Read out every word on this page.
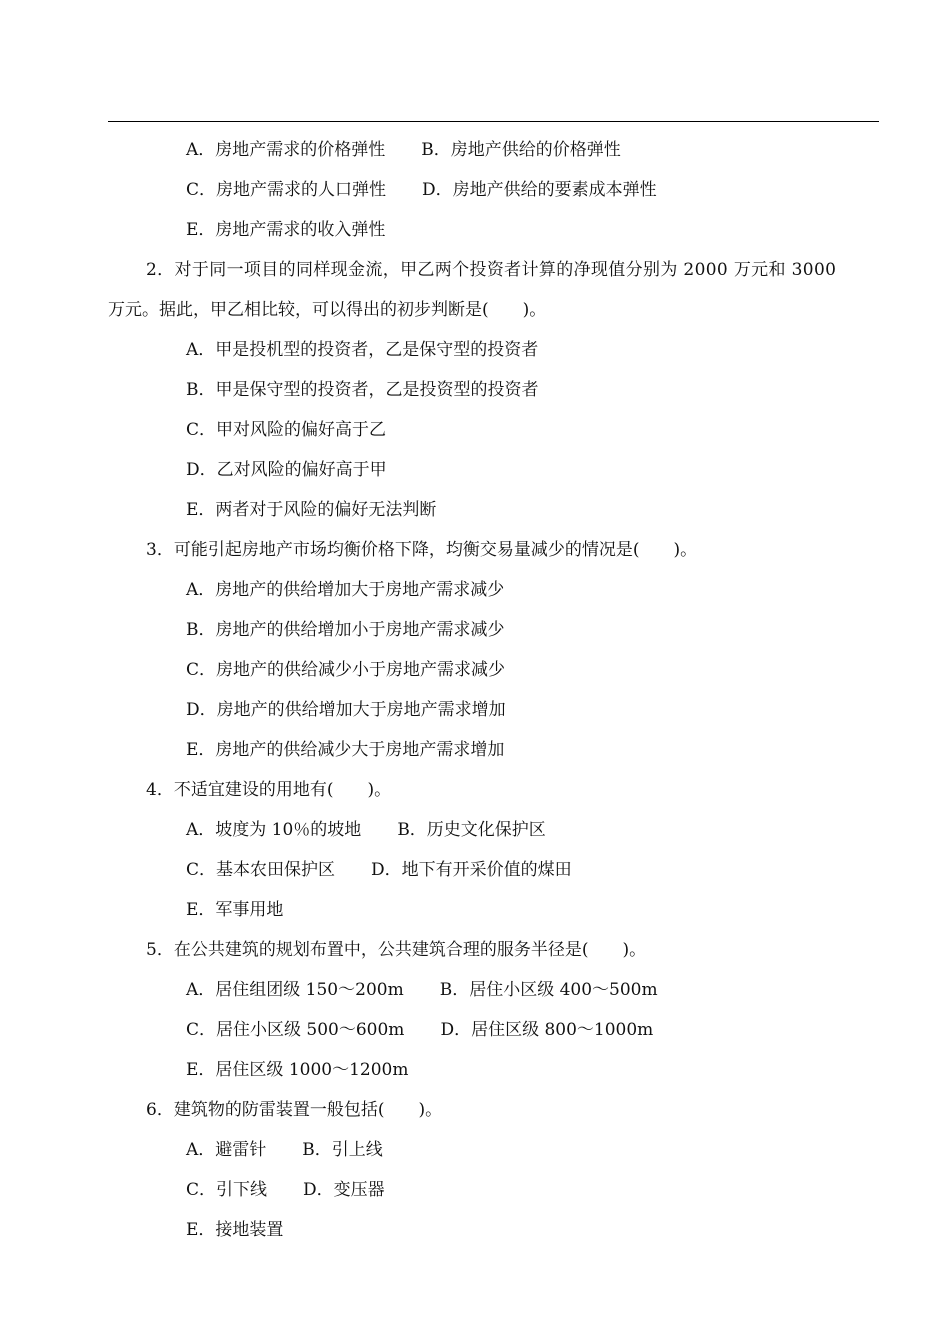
A．房地产需求的价格弹性 B．房地产供给的价格弹性
C．房地产需求的人口弹性 D．房地产供给的要素成本弹性
E．房地产需求的收入弹性
2．对于同一项目的同样现金流，甲乙两个投资者计算的净现值分别为 2000 万元和 3000
万元。据此，甲乙相比较，可以得出的初步判断是(　　)。
A．甲是投机型的投资者，乙是保守型的投资者
B．甲是保守型的投资者，乙是投资型的投资者
C．甲对风险的偏好高于乙
D．乙对风险的偏好高于甲
E．两者对于风险的偏好无法判断
3．可能引起房地产市场均衡价格下降，均衡交易量减少的情况是(　　)。
A．房地产的供给增加大于房地产需求减少
B．房地产的供给增加小于房地产需求减少
C．房地产的供给减少小于房地产需求减少
D．房地产的供给增加大于房地产需求增加
E．房地产的供给减少大于房地产需求增加
4．不适宜建设的用地有(　　)。
A．坡度为 10％的坡地 B．历史文化保护区
C．基本农田保护区 D．地下有开采价值的煤田
E．军事用地
5．在公共建筑的规划布置中，公共建筑合理的服务半径是(　　)。
A．居住组团级 150～200m B．居住小区级 400～500m
C．居住小区级 500～600m D．居住区级 800～1000m
E．居住区级 1000～1200m
6．建筑物的防雷装置一般包括(　　)。
A．避雷针 B．引上线
C．引下线 D．变压器
E．接地装置
